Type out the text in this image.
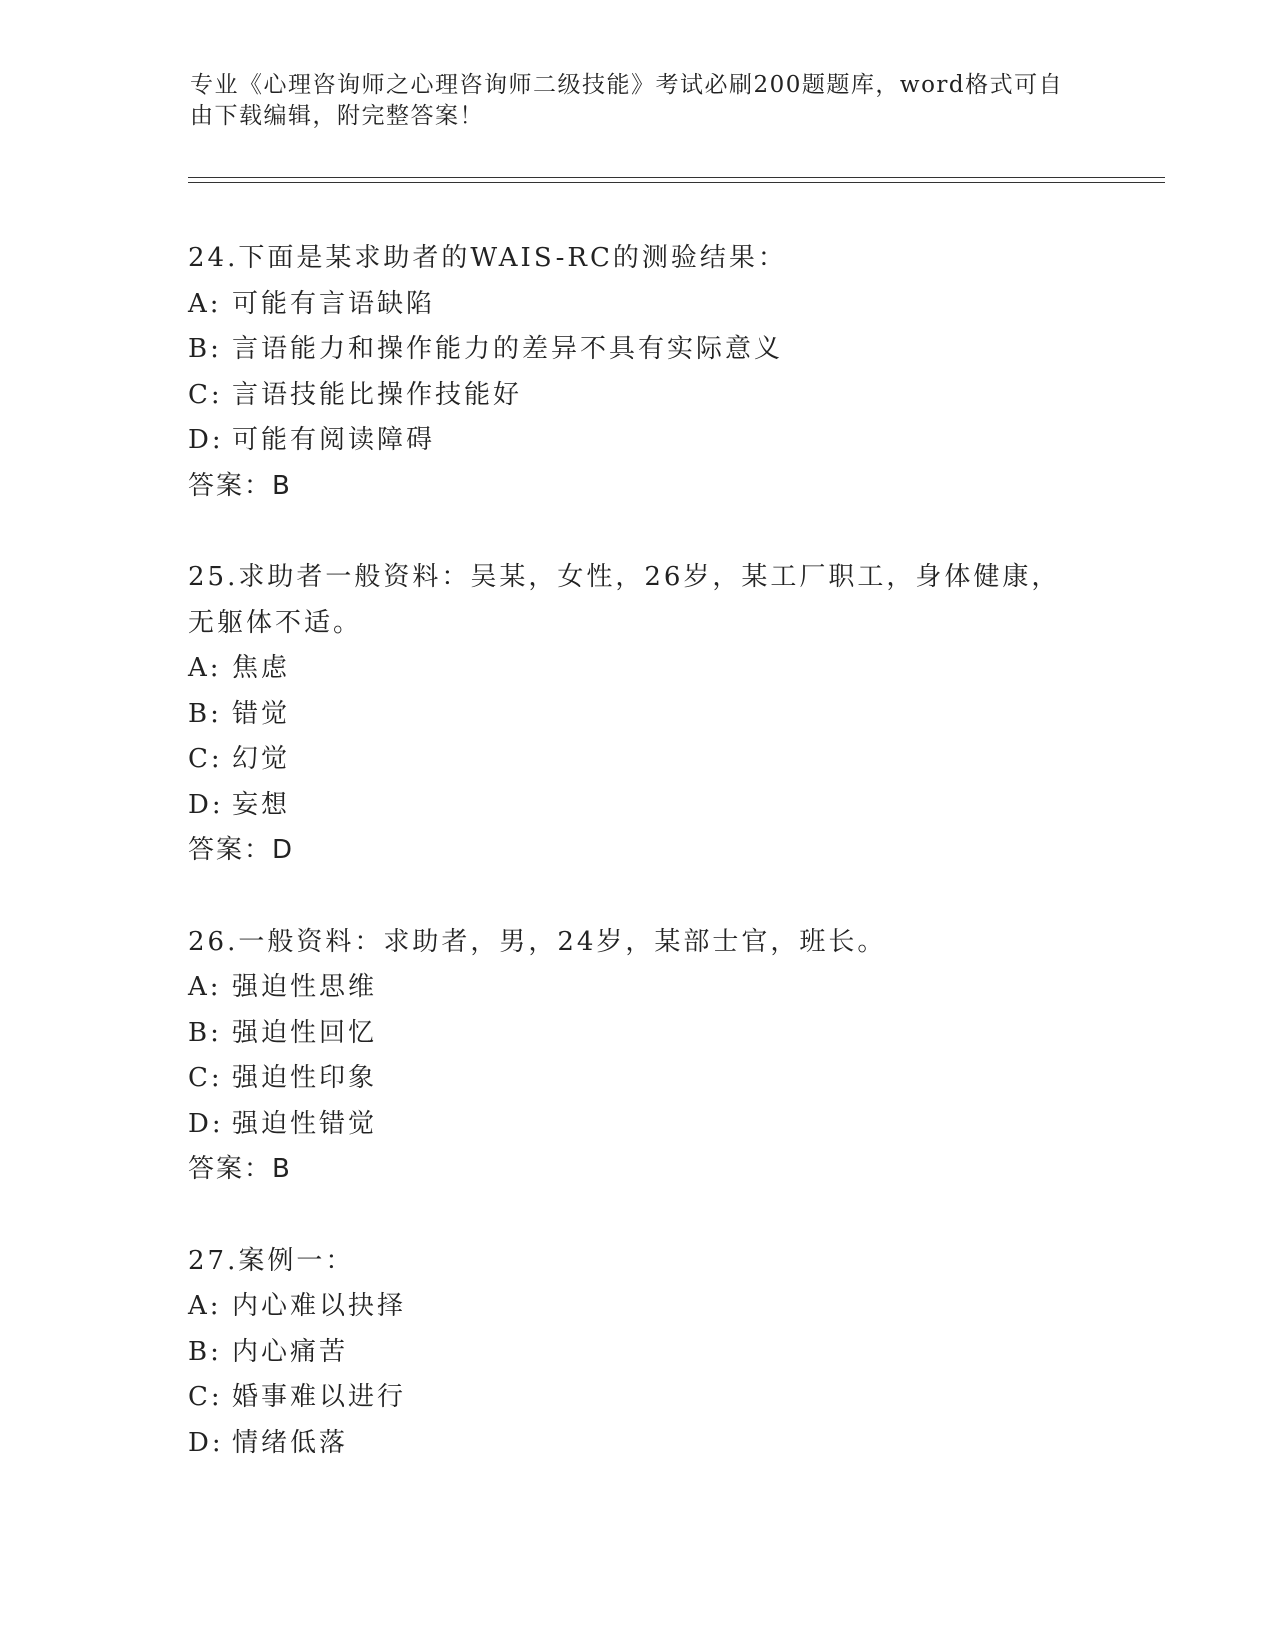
专业《心理咨询师之心理咨询师二级技能》考试必刷200题题库，word格式可自

由下载编辑，附完整答案！

24.下面是某求助者的WAIS-RC的测验结果：
A: 可能有言语缺陷
B: 言语能力和操作能力的差异不具有实际意义
C: 言语技能比操作技能好
D: 可能有阅读障碍
答案：B
25.求助者一般资料：吴某，女性，26岁，某工厂职工，身体健康，无躯体不适。
A: 焦虑
B: 错觉
C: 幻觉
D: 妄想
答案：D
26.一般资料：求助者，男，24岁，某部士官，班长。
A: 强迫性思维
B: 强迫性回忆
C: 强迫性印象
D: 强迫性错觉
答案：B
27.案例一：
A: 内心难以抉择
B: 内心痛苦
C: 婚事难以进行
D: 情绪低落
